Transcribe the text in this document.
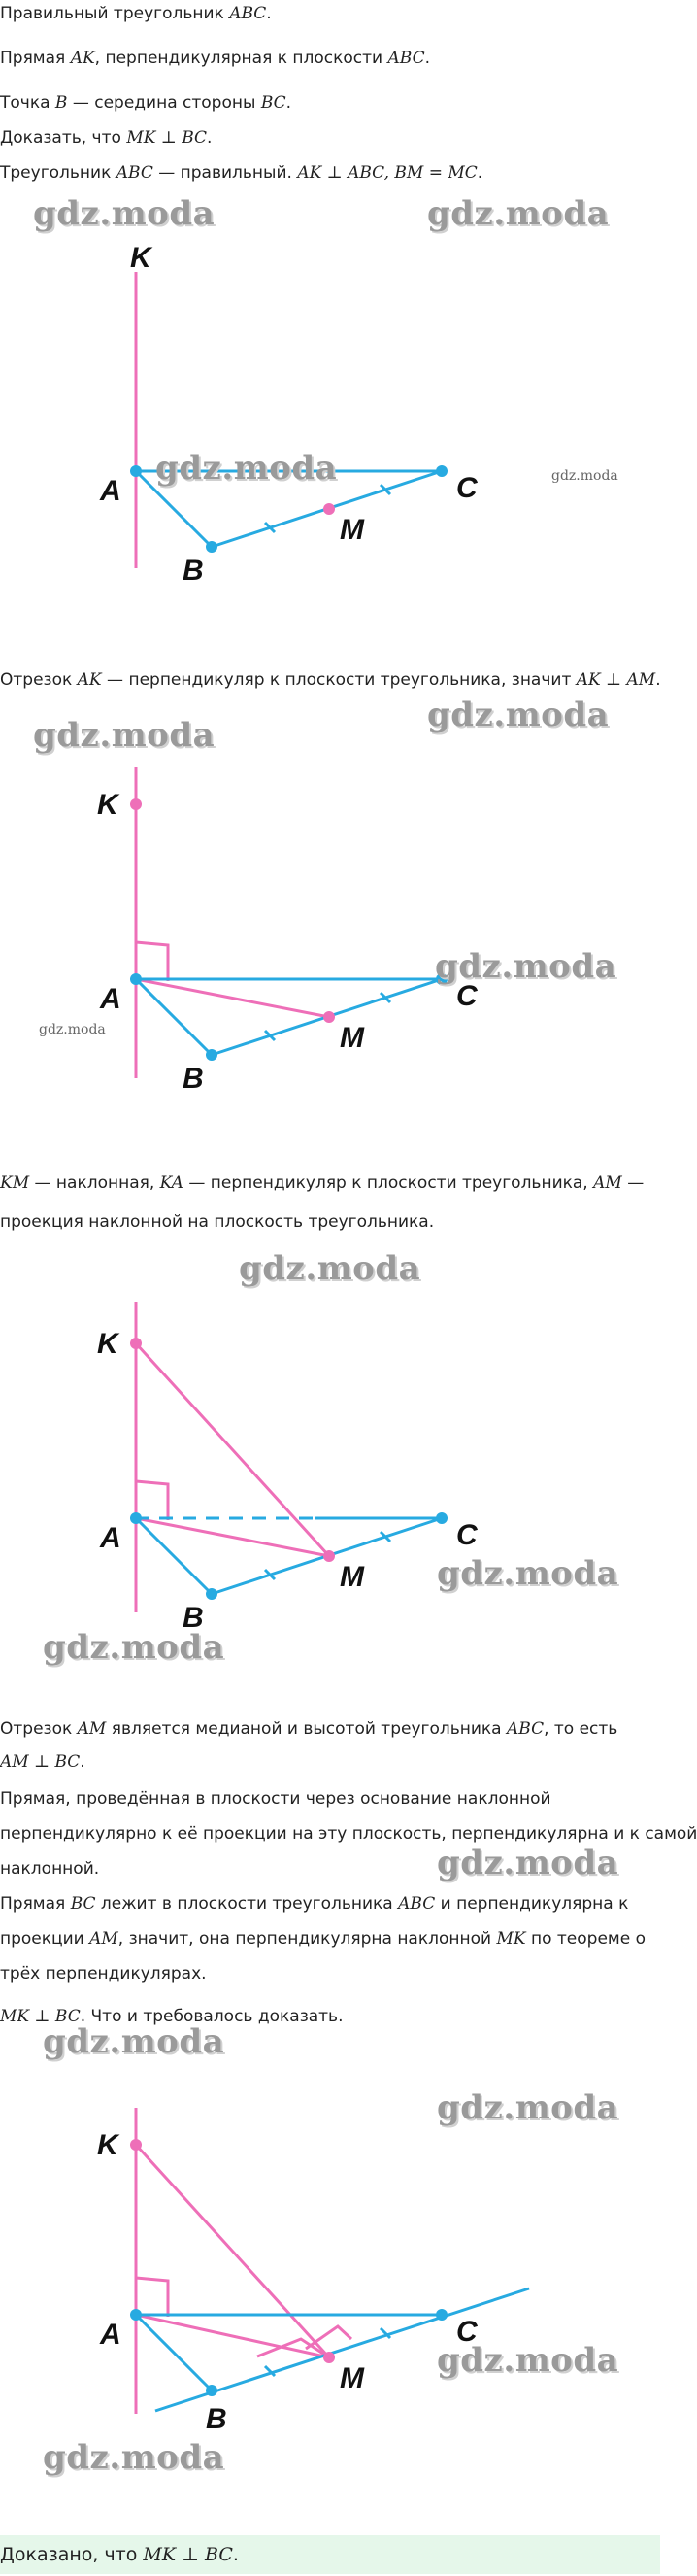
Правильный треугольник ABC.
Прямая AK, перпендикулярная к плоскости ABC.
Точка B — середина стороны BC.
Доказать, что MK ⊥ BC.
Треугольник ABC — правильный. AK ⊥ ABC, BM = MC.
gdz.moda	gdz.moda
K
A
B
C
M
gdz.moda	gdz.moda
Отрезок AK — перпендикуляр к плоскости треугольника, значит AK ⊥ AM.
gdz.moda
gdz.moda
K
A
B
C
M
gdz.moda
gdz.moda
KM — наклонная, KA — перпендикуляр к плоскости треугольника, AM —
проекция наклонной на плоскость треугольника.
gdz.moda
K
A
B
C
M gdz.moda
gdz.moda
Отрезок AM является медианой и высотой треугольника ABC, то есть
AM ⊥ BC.
Прямая, проведённая в плоскости через основание наклонной
перпендикулярно к её проекции на эту плоскость, перпендикулярна и к самой
наклонной.	gdz.moda
Прямая BC лежит в плоскости треугольника ABC и перпендикулярна к
проекции AM, значит, она перпендикулярна наклонной MK по теореме о
трёх перпендикулярах.
MK ⊥ BC. Что и требовалось доказать.
gdz.moda
gdz.moda
K
A
B
C
M gdz.moda
gdz.moda
Доказано, что MK ⊥ BC.
